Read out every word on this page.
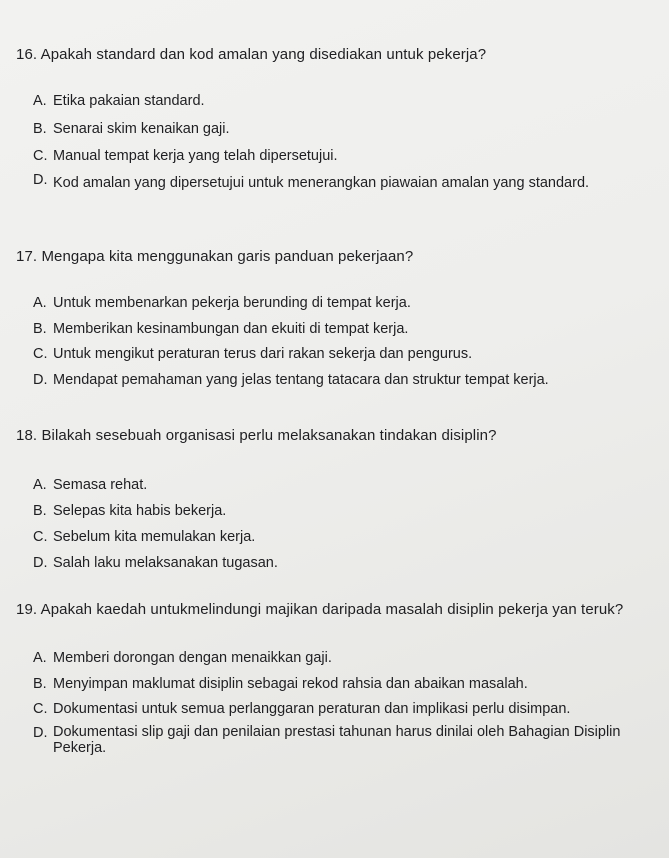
16. Apakah standard dan kod amalan yang disediakan untuk pekerja?
A. Etika pakaian standard.
B. Senarai skim kenaikan gaji.
C. Manual tempat kerja yang telah dipersetujui.
D. Kod amalan yang dipersetujui untuk menerangkan piawaian amalan yang standard.
17. Mengapa kita menggunakan garis panduan pekerjaan?
A. Untuk membenarkan pekerja berunding di tempat kerja.
B. Memberikan kesinambungan dan ekuiti di tempat kerja.
C. Untuk mengikut peraturan terus dari rakan sekerja dan pengurus.
D. Mendapat pemahaman yang jelas tentang tatacara dan struktur tempat kerja.
18. Bilakah sesebuah organisasi perlu melaksanakan tindakan disiplin?
A. Semasa rehat.
B. Selepas kita habis bekerja.
C. Sebelum kita memulakan kerja.
D. Salah laku melaksanakan tugasan.
19. Apakah kaedah untukmelindungi majikan daripada masalah disiplin pekerja yan teruk?
A. Memberi dorongan dengan menaikkan gaji.
B. Menyimpan maklumat disiplin sebagai rekod rahsia dan abaikan masalah.
C. Dokumentasi untuk semua perlanggaran peraturan dan implikasi perlu disimpan.
D. Dokumentasi slip gaji dan penilaian prestasi tahunan harus dinilai oleh Bahagian Disiplin Pekerja.
